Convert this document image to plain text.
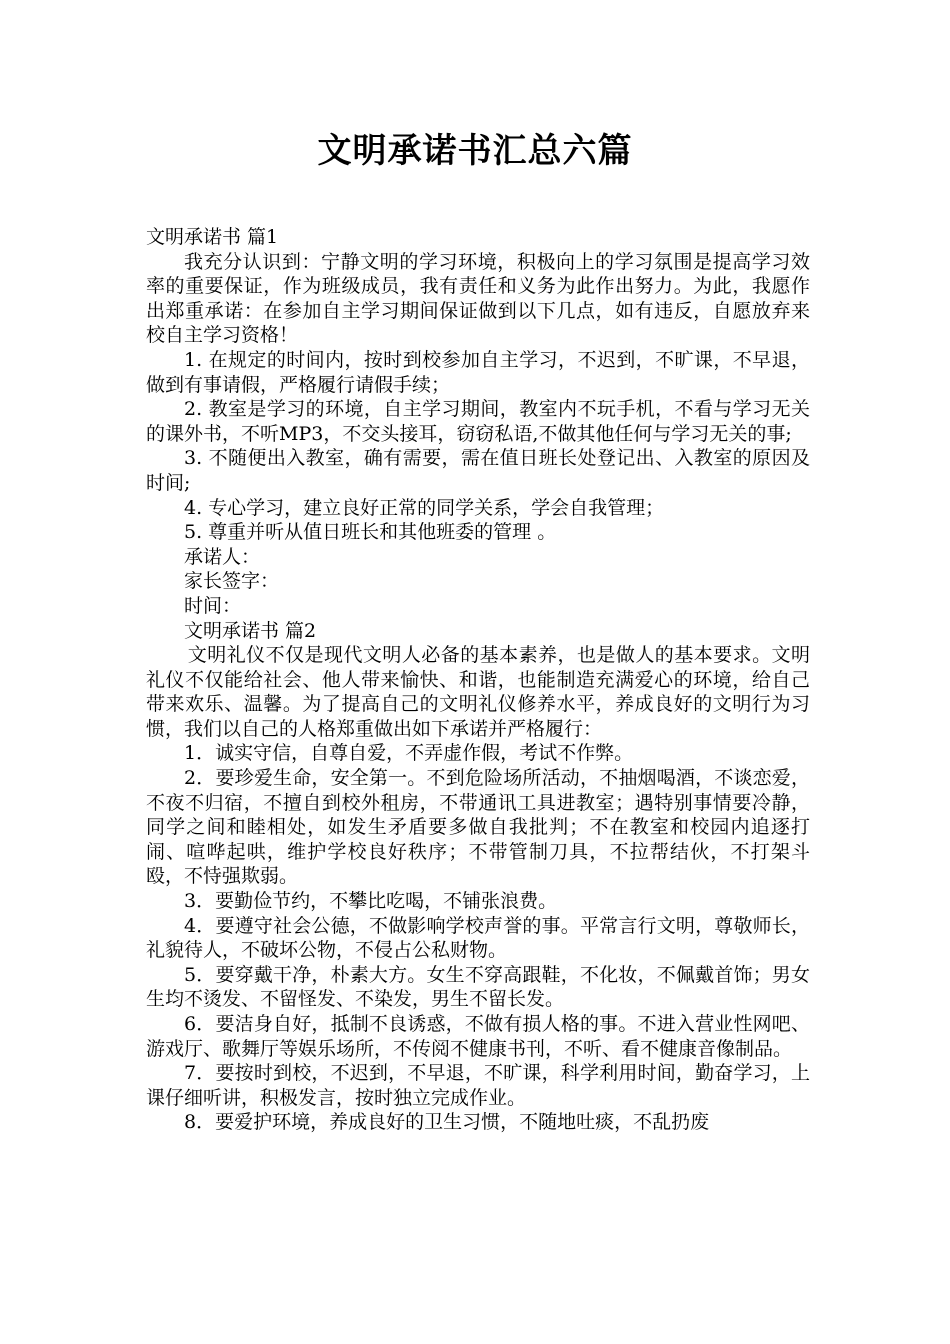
文明承诺书汇总六篇

文明承诺书 篇1

我充分认识到：宁静文明的学习环境，积极向上的学习氛围是提高学习效率的重要保证，作为班级成员，我有责任和义务为此作出努力。为此，我愿作出郑重承诺：在参加自主学习期间保证做到以下几点，如有违反，自愿放弃来校自主学习资格！

1. 在规定的时间内，按时到校参加自主学习，不迟到，不旷课，不早退，做到有事请假，严格履行请假手续；

2. 教室是学习的环境，自主学习期间，教室内不玩手机，不看与学习无关的课外书，不听MP3，不交头接耳，窃窃私语,不做其他任何与学习无关的事;

3. 不随便出入教室，确有需要，需在值日班长处登记出、入教室的原因及时间;

4. 专心学习，建立良好正常的同学关系，学会自我管理；

5. 尊重并听从值日班长和其他班委的管理 。

承诺人：

家长签字：

时间：

文明承诺书 篇2

文明礼仪不仅是现代文明人必备的基本素养，也是做人的基本要求。文明礼仪不仅能给社会、他人带来愉快、和谐，也能制造充满爱心的环境，给自己带来欢乐、温馨。为了提高自己的文明礼仪修养水平，养成良好的文明行为习惯，我们以自己的人格郑重做出如下承诺并严格履行：

1．诚实守信，自尊自爱，不弄虚作假，考试不作弊。

2．要珍爱生命，安全第一。不到危险场所活动，不抽烟喝酒，不谈恋爱，不夜不归宿，不擅自到校外租房，不带通讯工具进教室；遇特别事情要冷静，同学之间和睦相处，如发生矛盾要多做自我批判；不在教室和校园内追逐打闹、喧哗起哄，维护学校良好秩序；不带管制刀具，不拉帮结伙，不打架斗殴，不恃强欺弱。

3．要勤俭节约，不攀比吃喝，不铺张浪费。

4．要遵守社会公德，不做影响学校声誉的事。平常言行文明，尊敬师长，礼貌待人，不破坏公物，不侵占公私财物。

5．要穿戴干净，朴素大方。女生不穿高跟鞋，不化妆，不佩戴首饰；男女生均不烫发、不留怪发、不染发，男生不留长发。

6．要洁身自好，抵制不良诱惑，不做有损人格的事。不进入营业性网吧、游戏厅、歌舞厅等娱乐场所，不传阅不健康书刊，不听、看不健康音像制品。

7．要按时到校，不迟到，不早退，不旷课，科学利用时间，勤奋学习，上课仔细听讲，积极发言，按时独立完成作业。

8．要爱护环境，养成良好的卫生习惯，不随地吐痰，不乱扔废
